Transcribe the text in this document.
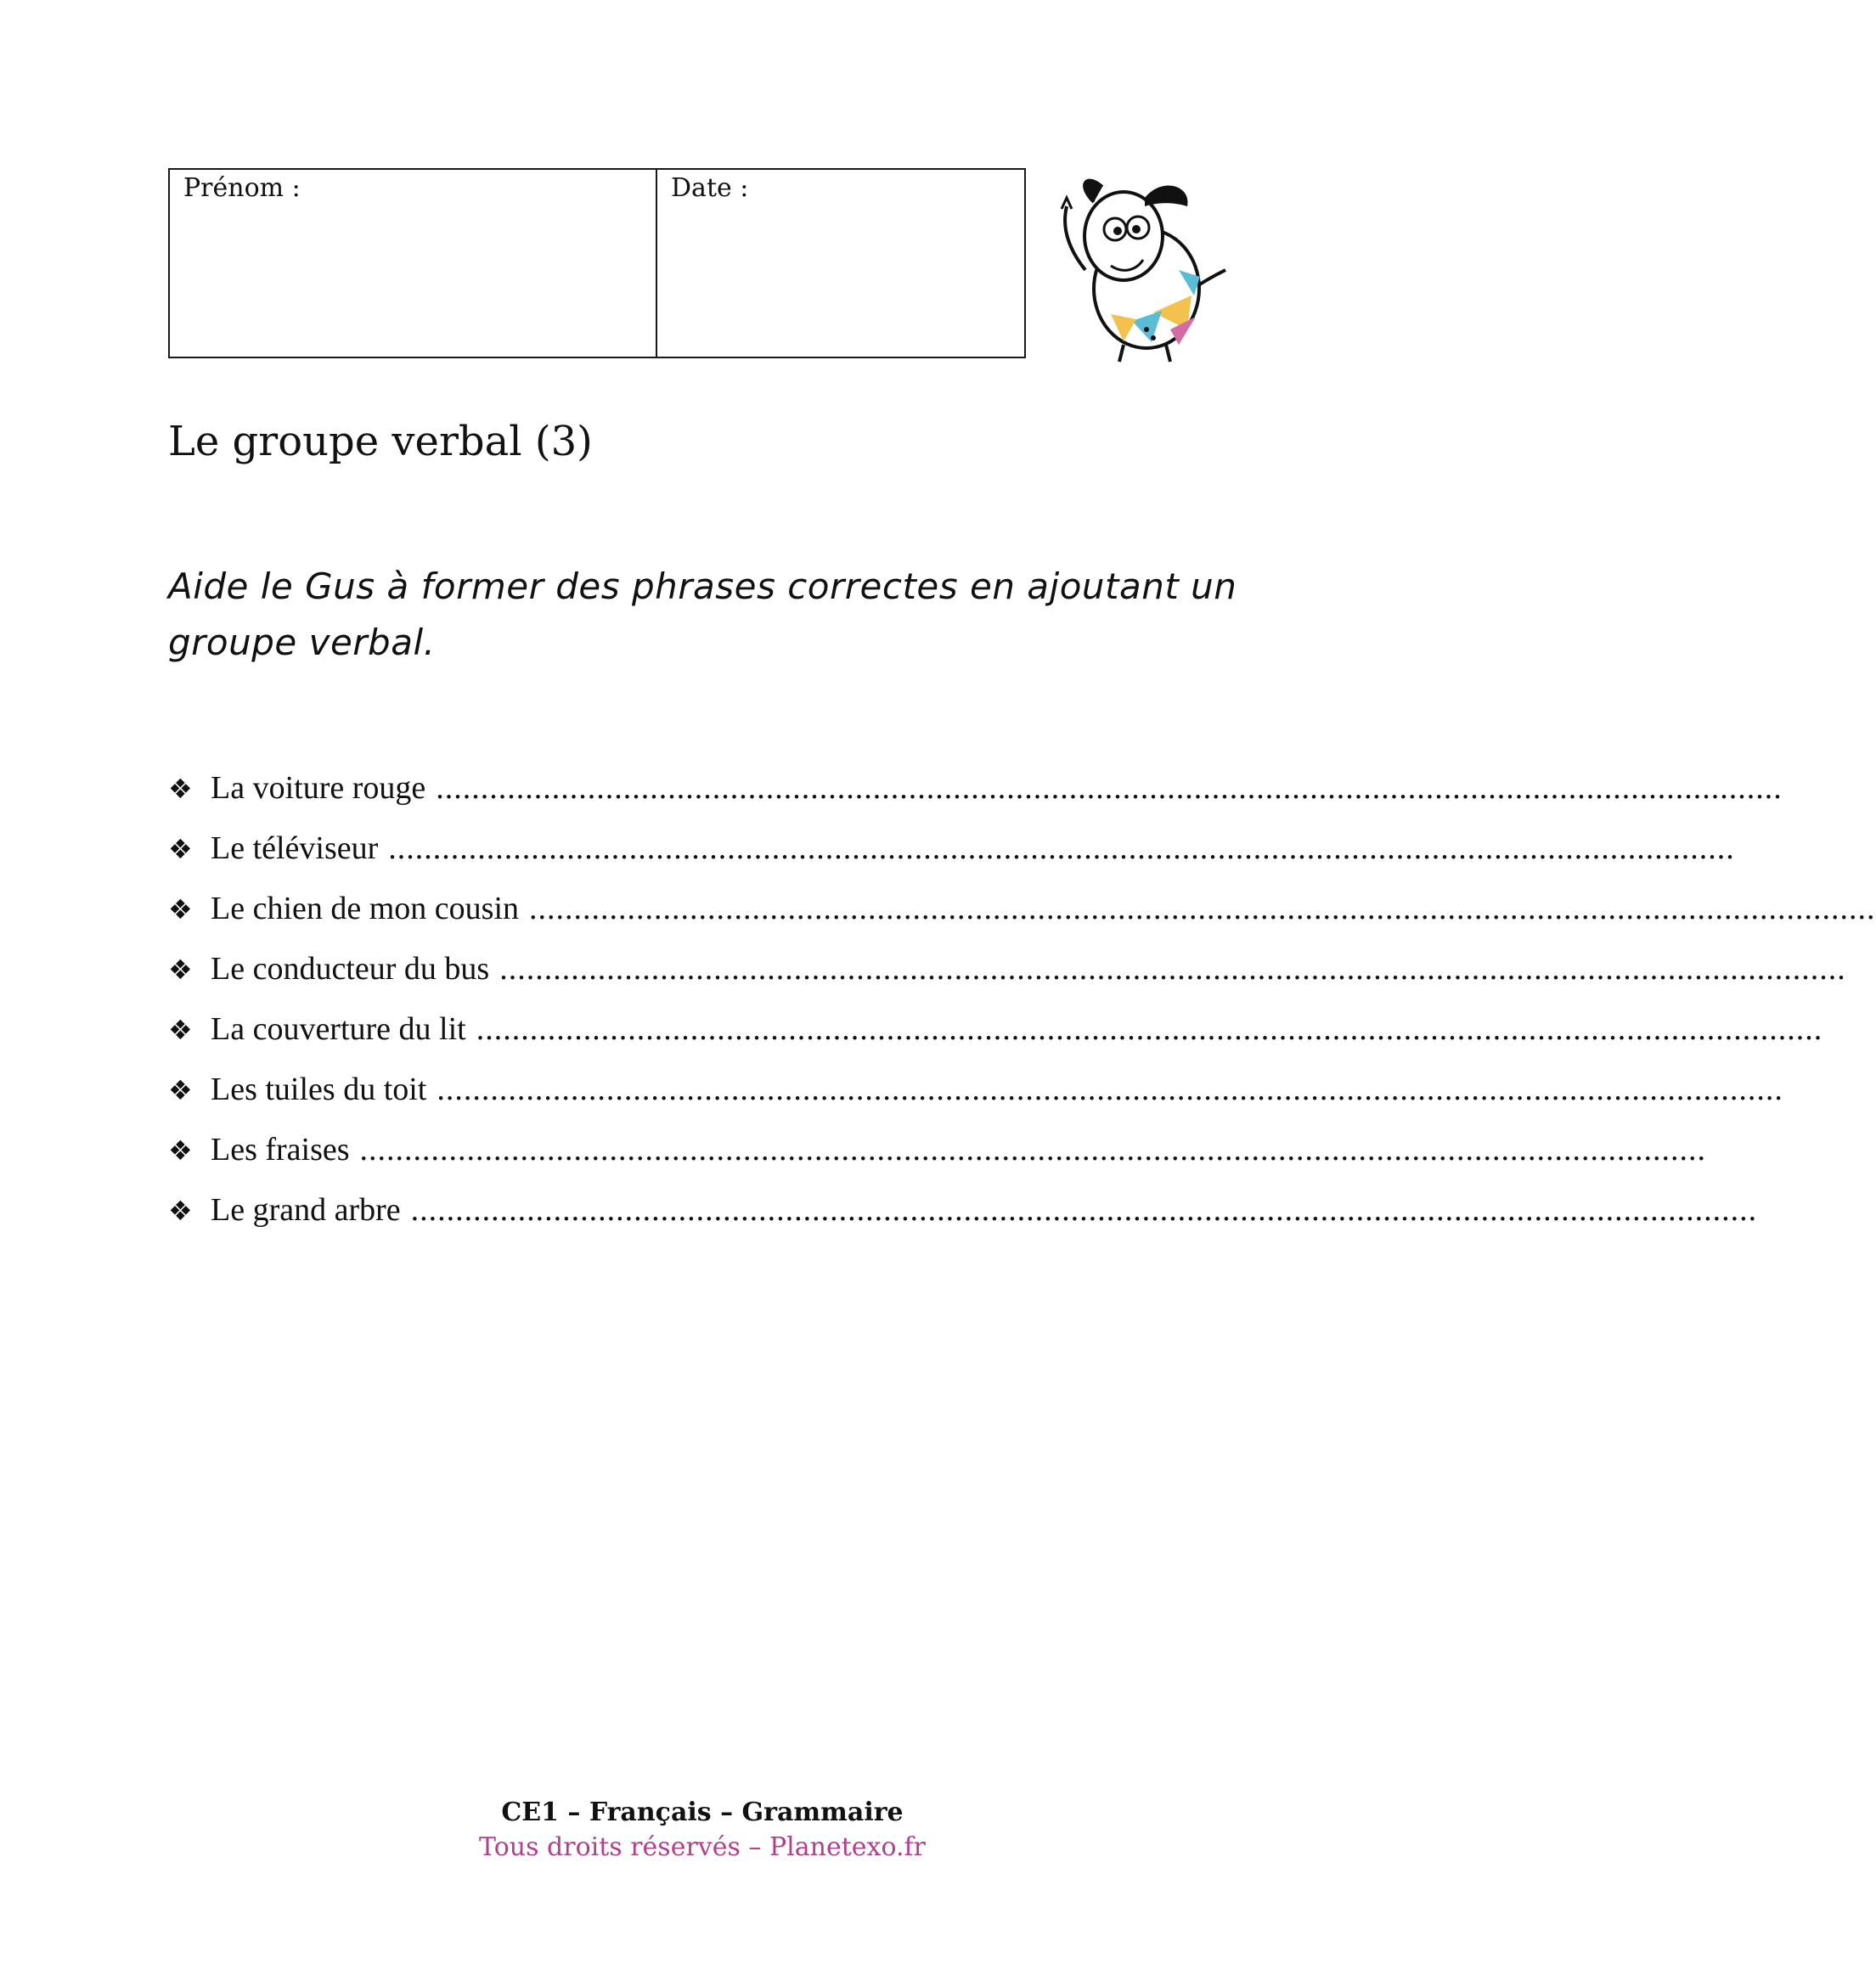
Prénom :	Date :
Le groupe verbal (3)
Aide le Gus à former des phrases correctes en ajoutant un groupe verbal.
❖ La voiture rouge .......................................................................................................................................................
❖ Le téléviseur .......................................................................................................................................................
❖ Le chien de mon cousin .......................................................................................................................................................
❖ Le conducteur du bus .......................................................................................................................................................
❖ La couverture du lit .......................................................................................................................................................
❖ Les tuiles du toit .......................................................................................................................................................
❖ Les fraises .......................................................................................................................................................
❖ Le grand arbre .......................................................................................................................................................
CE1 – Français – Grammaire
Tous droits réservés – Planetexo.fr
